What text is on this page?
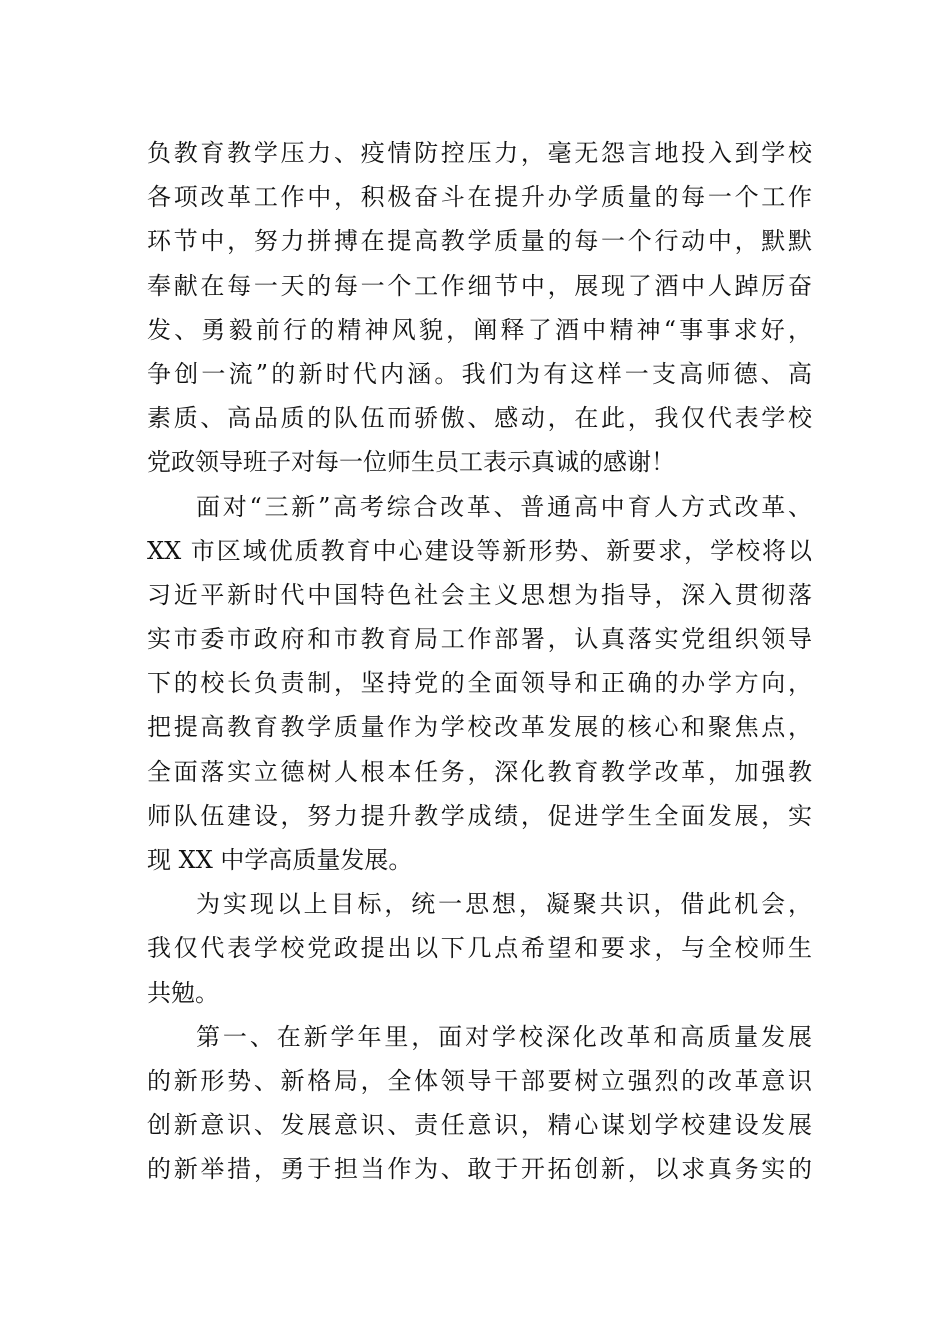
负教育教学压力、疫情防控压力，毫无怨言地投入到学校
各项改革工作中，积极奋斗在提升办学质量的每一个工作
环节中，努力拼搏在提高教学质量的每一个行动中，默默
奉献在每一天的每一个工作细节中，展现了酒中人踔厉奋
发、勇毅前行的精神风貌，阐释了酒中精神“事事求好，
争创一流”的新时代内涵。我们为有这样一支高师德、高
素质、高品质的队伍而骄傲、感动，在此，我仅代表学校
党政领导班子对每一位师生员工表示真诚的感谢！
面对“三新”高考综合改革、普通高中育人方式改革、
XX 市区域优质教育中心建设等新形势、新要求，学校将以
习近平新时代中国特色社会主义思想为指导，深入贯彻落
实市委市政府和市教育局工作部署，认真落实党组织领导
下的校长负责制，坚持党的全面领导和正确的办学方向，
把提高教育教学质量作为学校改革发展的核心和聚焦点，
全面落实立德树人根本任务，深化教育教学改革，加强教
师队伍建设，努力提升教学成绩，促进学生全面发展，实
现 XX 中学高质量发展。
为实现以上目标，统一思想，凝聚共识，借此机会，
我仅代表学校党政提出以下几点希望和要求，与全校师生
共勉。
第一、在新学年里，面对学校深化改革和高质量发展
的新形势、新格局，全体领导干部要树立强烈的改革意识
创新意识、发展意识、责任意识，精心谋划学校建设发展
的新举措，勇于担当作为、敢于开拓创新，以求真务实的
